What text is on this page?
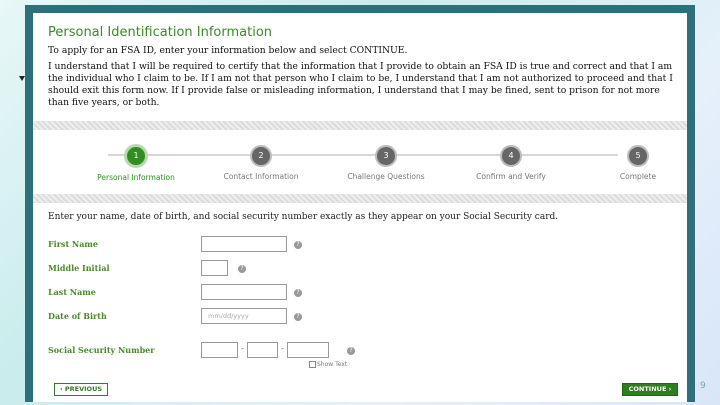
Personal Identification Information
To apply for an FSA ID, enter your information below and select CONTINUE.
I understand that I will be required to certify that the information that I provide to obtain an FSA ID is true and correct and that I am the individual who I claim to be. If I am not that person who I claim to be, I understand that I am not authorized to proceed and that I should exit this form now. If I provide false or misleading information, I understand that I may be fined, sent to prison for not more than five years, or both.
1
Personal Information
2
Contact Information
3
Challenge Questions
4
Confirm and Verify
5
Complete
Enter your name, date of birth, and social security number exactly as they appear on your Social Security card.
First Name	?
Middle Initial	?
Last Name	?
Date of Birth	mm/dd/yyyy	?
Social Security Number	-	-	?
Show Text
‹ PREVIOUS	CONTINUE ›	9
